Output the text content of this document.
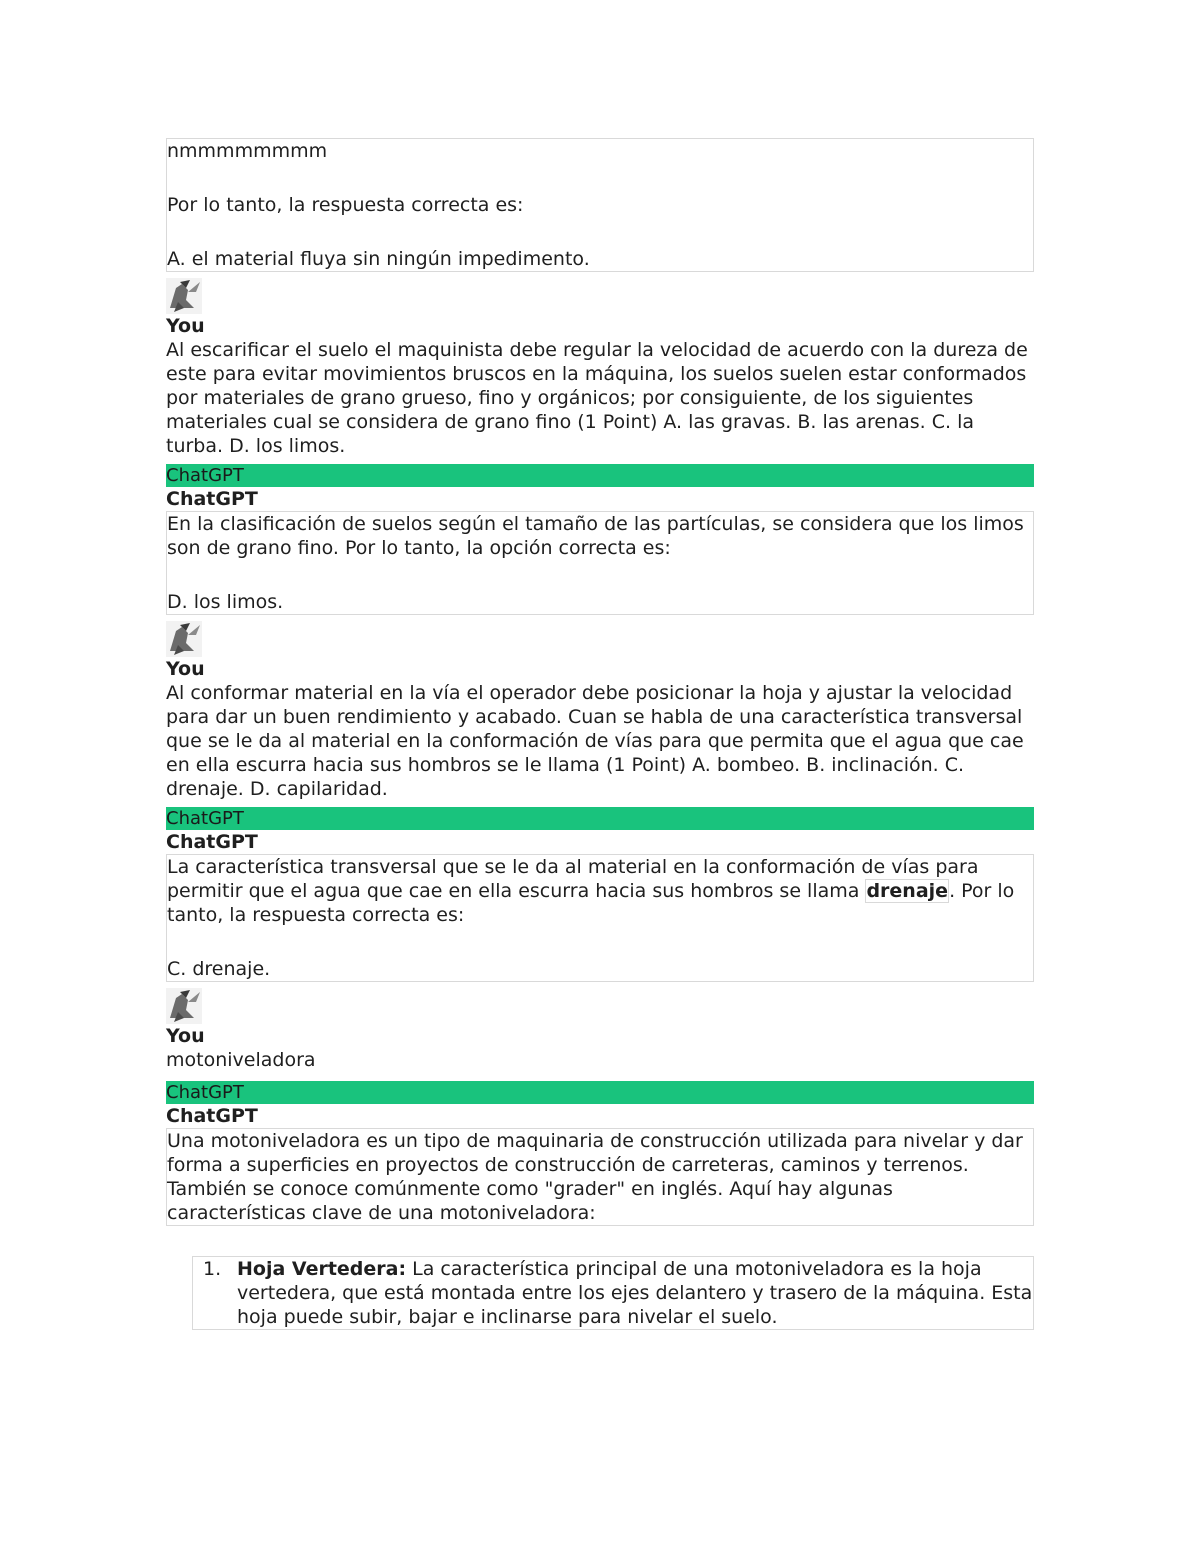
nmmmmmmmm

Por lo tanto, la respuesta correcta es:

A. el material fluya sin ningún impedimento.

You

Al escarificar el suelo el maquinista debe regular la velocidad de acuerdo con la dureza de este para evitar movimientos bruscos en la máquina, los suelos suelen estar conformados por materiales de grano grueso, fino y orgánicos; por consiguiente, de los siguientes materiales cual se considera de grano fino (1 Point) A. las gravas. B. las arenas. C. la turba. D. los limos.

ChatGPT

ChatGPT

En la clasificación de suelos según el tamaño de las partículas, se considera que los limos son de grano fino. Por lo tanto, la opción correcta es:

D. los limos.

You

Al conformar material en la vía el operador debe posicionar la hoja y ajustar la velocidad para dar un buen rendimiento y acabado. Cuan se habla de una característica transversal que se le da al material en la conformación de vías para que permita que el agua que cae en ella escurra hacia sus hombros se le llama (1 Point) A. bombeo. B. inclinación. C. drenaje. D. capilaridad.

ChatGPT

ChatGPT

La característica transversal que se le da al material en la conformación de vías para permitir que el agua que cae en ella escurra hacia sus hombros se llama drenaje. Por lo tanto, la respuesta correcta es:

C. drenaje.

You

motoniveladora

ChatGPT

ChatGPT

Una motoniveladora es un tipo de maquinaria de construcción utilizada para nivelar y dar forma a superficies en proyectos de construcción de carreteras, caminos y terrenos. También se conoce comúnmente como "grader" en inglés. Aquí hay algunas características clave de una motoniveladora:

1. Hoja Vertedera: La característica principal de una motoniveladora es la hoja vertedera, que está montada entre los ejes delantero y trasero de la máquina. Esta hoja puede subir, bajar e inclinarse para nivelar el suelo.
